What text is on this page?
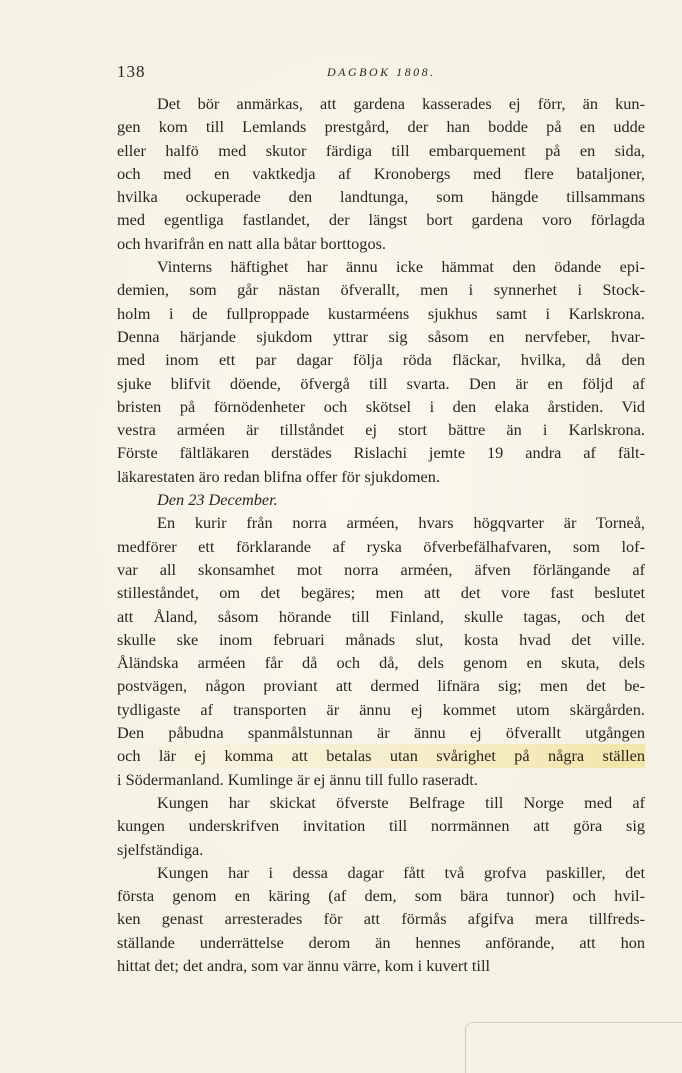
138	DAGBOK 1808.
Det bör anmärkas, att gardena kasserades ej förr, än kun-
gen kom till Lemlands prestgård, der han bodde på en udde
eller halfö med skutor färdiga till embarquement på en sida,
och med en vaktkedja af Kronobergs med flere bataljoner,
hvilka ockuperade den landtunga, som hängde tillsammans
med egentliga fastlandet, der längst bort gardena voro förlagda
och hvarifrån en natt alla båtar borttogos.
Vinterns häftighet har ännu icke hämmat den ödande epi-
demien, som går nästan öfverallt, men i synnerhet i Stock-
holm i de fullproppade kustarméens sjukhus samt i Karlskrona.
Denna härjande sjukdom yttrar sig såsom en nervfeber, hvar-
med inom ett par dagar följa röda fläckar, hvilka, då den
sjuke blifvit döende, öfvergå till svarta. Den är en följd af
bristen på förnödenheter och skötsel i den elaka årstiden. Vid
vestra arméen är tillståndet ej stort bättre än i Karlskrona.
Förste fältläkaren derstädes Rislachi jemte 19 andra af fält-
läkarestaten äro redan blifna offer för sjukdomen.
Den 23 December.
En kurir från norra arméen, hvars högqvarter är Torneå,
medförer ett förklarande af ryska öfverbefälhafvaren, som lof-
var all skonsamhet mot norra arméen, äfven förlängande af
stilleståndet, om det begäres; men att det vore fast beslutet
att Åland, såsom hörande till Finland, skulle tagas, och det
skulle ske inom februari månads slut, kosta hvad det ville.
Åländska arméen får då och då, dels genom en skuta, dels
postvägen, någon proviant att dermed lifnära sig; men det be-
tydligaste af transporten är ännu ej kommet utom skärgården.
Den påbudna spanmålstunnan är ännu ej öfverallt utgången
och lär ej komma att betalas utan svårighet på några ställen
i Södermanland. Kumlinge är ej ännu till fullo raseradt.
Kungen har skickat öfverste Belfrage till Norge med af
kungen underskrifven invitation till norrmännen att göra sig
sjelfständiga.
Kungen har i dessa dagar fått två grofva paskiller, det
första genom en käring (af dem, som bära tunnor) och hvil-
ken genast arresterades för att förmås afgifva mera tillfreds-
ställande underrättelse derom än hennes anförande, att hon
hittat det; det andra, som var ännu värre, kom i kuvert till
